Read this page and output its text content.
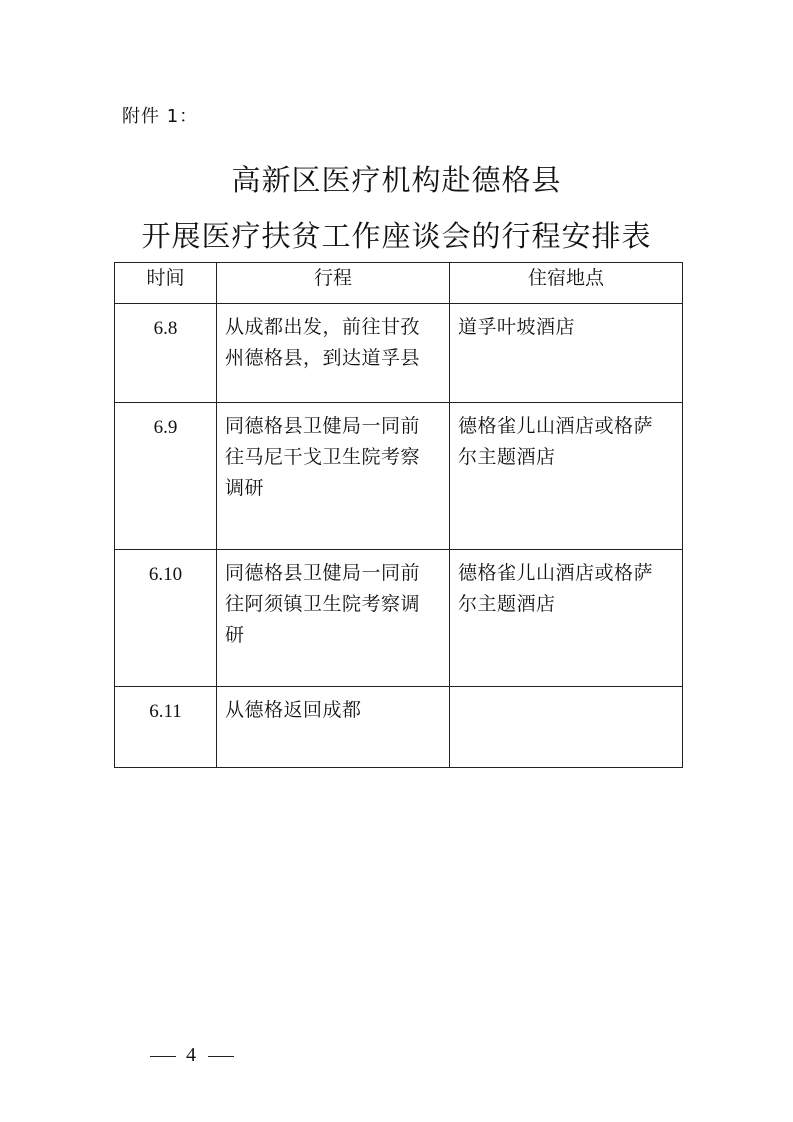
附件 1：
高新区医疗机构赴德格县
开展医疗扶贫工作座谈会的行程安排表
时间	行程	住宿地点
6.8	从成都出发，前往甘孜
州德格县，到达道孚县	道孚叶坡酒店

6.9	同德格县卫健局一同前
往马尼干戈卫生院考察
调研	德格雀儿山酒店或格萨
尔主题酒店

6.10	同德格县卫健局一同前
往阿须镇卫生院考察调
研	德格雀儿山酒店或格萨
尔主题酒店

6.11	从德格返回成都	

4
